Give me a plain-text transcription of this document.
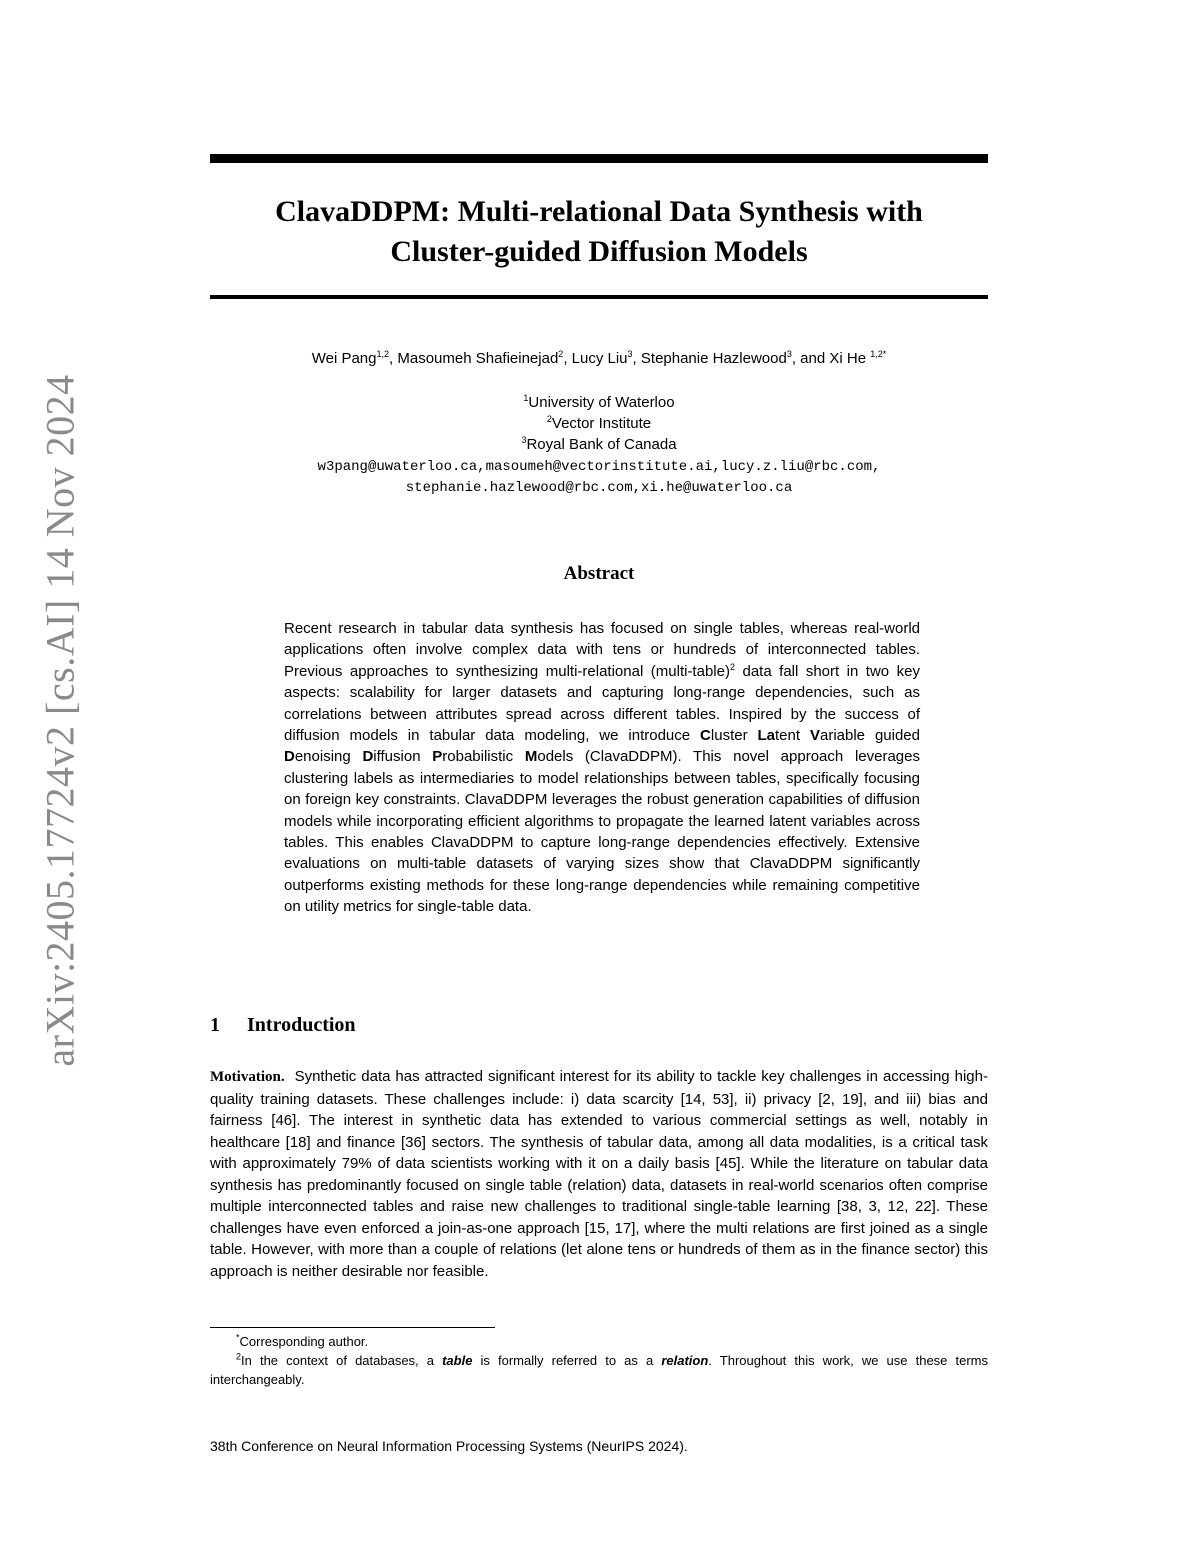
arXiv:2405.17724v2 [cs.AI] 14 Nov 2024
ClavaDDPM: Multi-relational Data Synthesis with
Cluster-guided Diffusion Models
Wei Pang$^{1,2}$, Masoumeh Shafieinejad$^2$, Lucy Liu$^3$, Stephanie Hazlewood$^3$, and Xi He $^{1,2*}$
$^1$University of Waterloo
$^2$Vector Institute
$^3$Royal Bank of Canada
w3pang@uwaterloo.ca,masoumeh@vectorinstitute.ai,lucy.z.liu@rbc.com,
stephanie.hazlewood@rbc.com,xi.he@uwaterloo.ca
Abstract

Recent research in tabular data synthesis has focused on single tables, whereas real-world applications often involve complex data with tens or hundreds of interconnected tables. Previous approaches to synthesizing multi-relational (multi-table)$^2$ data fall short in two key aspects: scalability for larger datasets and capturing long-range dependencies, such as correlations between attributes spread across different tables. Inspired by the success of diffusion models in tabular data modeling, we introduce Cluster Latent Variable guided Denoising Diffusion Probabilistic Models (ClavaDDPM). This novel approach leverages clustering labels as intermediaries to model relationships between tables, specifically focusing on foreign key constraints. ClavaDDPM leverages the robust generation capabilities of diffusion models while incorporating efficient algorithms to propagate the learned latent variables across tables. This enables ClavaDDPM to capture long-range dependencies effectively. Extensive evaluations on multi-table datasets of varying sizes show that ClavaDDPM significantly outperforms existing methods for these long-range dependencies while remaining competitive on utility metrics for single-table data.

1 Introduction

Motivation. Synthetic data has attracted significant interest for its ability to tackle key challenges in accessing high-quality training datasets. These challenges include: i) data scarcity [14, 53], ii) privacy [2, 19], and iii) bias and fairness [46]. The interest in synthetic data has extended to various commercial settings as well, notably in healthcare [18] and finance [36] sectors. The synthesis of tabular data, among all data modalities, is a critical task with approximately 79% of data scientists working with it on a daily basis [45]. While the literature on tabular data synthesis has predominantly focused on single table (relation) data, datasets in real-world scenarios often comprise multiple interconnected tables and raise new challenges to traditional single-table learning [38, 3, 12, 22]. These challenges have even enforced a join-as-one approach [15, 17], where the multi relations are first joined as a single table. However, with more than a couple of relations (let alone tens or hundreds of them as in the finance sector) this approach is neither desirable nor feasible.

*Corresponding author.

$^2$In the context of databases, a table is formally referred to as a relation. Throughout this work, we use these terms interchangeably.

38th Conference on Neural Information Processing Systems (NeurIPS 2024).
